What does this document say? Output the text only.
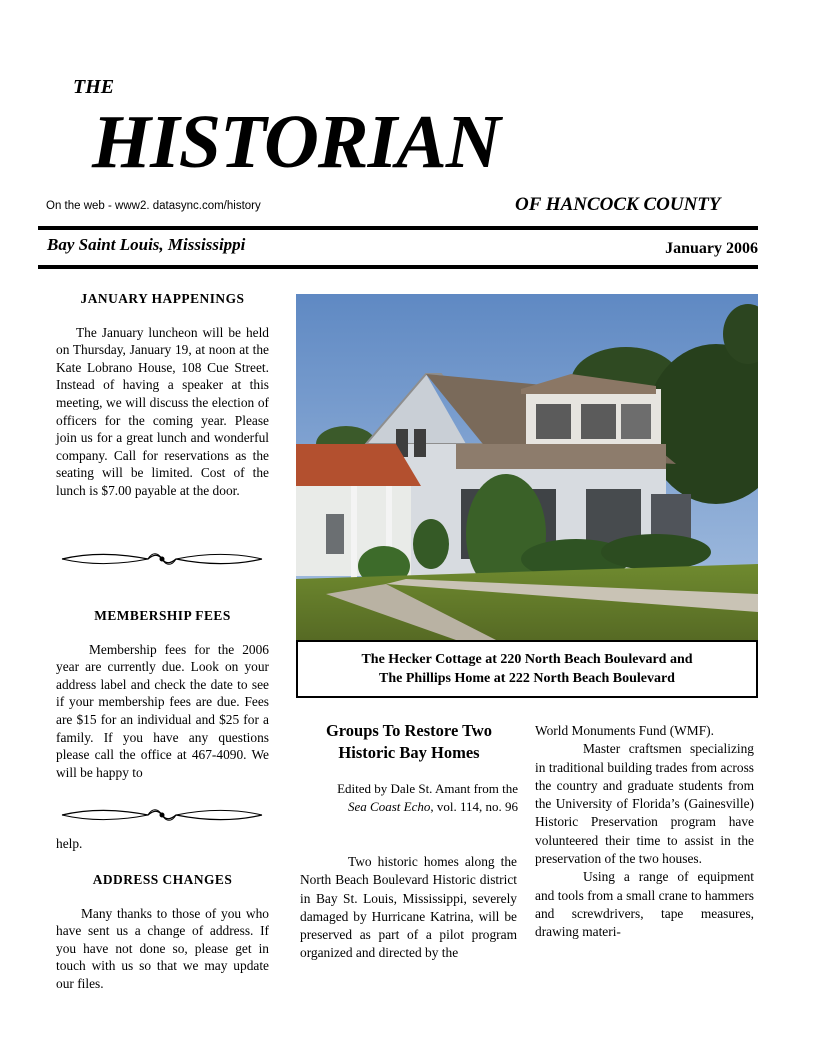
THE
HISTORIAN
On the web - www2. datasync.com/history	OF HANCOCK COUNTY
Bay Saint Louis, Mississippi	January 2006
JANUARY HAPPENINGS
The January luncheon will be held on Thursday, January 19, at noon at the Kate Lobrano House, 108 Cue Street. Instead of having a speaker at this meeting, we will discuss the election of officers for the coming year. Please join us for a great lunch and wonderful company. Call for reservations as the seating will be limited. Cost of the lunch is $7.00 payable at the door.
MEMBERSHIP FEES
Membership fees for the 2006 year are currently due. Look on your address label and check the date to see if your membership fees are due. Fees are $15 for an individual and $25 for a family. If you have any questions please call the office at 467-4090. We will be happy to
help.
ADDRESS CHANGES
Many thanks to those of you who have sent us a change of address. If you have not done so, please get in touch with us so that we may update our files.
The Hecker Cottage at 220 North Beach Boulevard and
The Phillips Home at 222 North Beach Boulevard
Groups To Restore Two Historic Bay Homes
Edited by Dale St. Amant from the
Sea Coast Echo, vol. 114, no. 96
Two historic homes along the North Beach Boulevard Historic district in Bay St. Louis, Mississippi, severely damaged by Hurricane Katrina, will be preserved as part of a pilot program organized and directed by the
World Monuments Fund (WMF).
Master craftsmen specializing in traditional building trades from across the country and graduate students from the University of Florida’s (Gainesville) Historic Preservation program have volunteered their time to assist in the preservation of the two houses.
Using a range of equipment and tools from a small crane to hammers and screwdrivers, tape measures, drawing materi-
